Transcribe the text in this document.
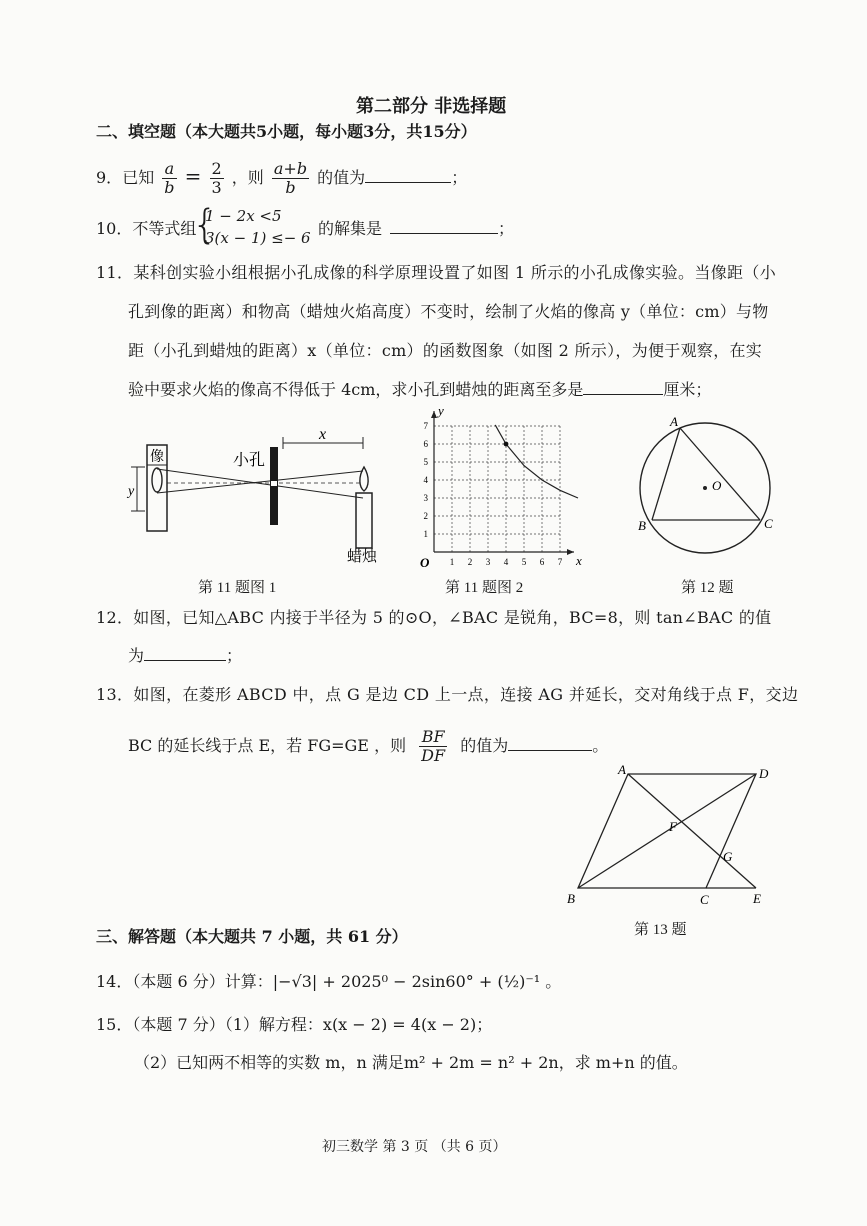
第二部分 非选择题
二、填空题（本大题共5小题，每小题3分，共15分）
9．已知 $\frac{a}{b} = \frac{2}{3}$ ，则 $\frac{a+b}{b}$ 的值为	；
10．不等式组
{
1 − 2x <5
3(x − 1) ≤− 6 的解集是	；
11．某科创实验小组根据小孔成像的科学原理设置了如图 1 所示的小孔成像实验。当像距（小
孔到像的距离）和物高（蜡烛火焰高度）不变时，绘制了火焰的像高 y（单位：cm）与物
距（小孔到蜡烛的距离）x（单位：cm）的函数图象（如图 2 所示），为便于观察，在实
验中要求火焰的像高不得低于 4cm，求小孔到蜡烛的距离至多是	厘米；
像
y
小孔
x
蜡烛
第 11 题图 1
1 2 3 4 5 6 7
1
2
3
4
5
6
7
O	x
y
第 11 题图 2
A
B	C
O
第 12 题
12．如图，已知△ABC 内接于半径为 5 的⊙O，∠BAC 是锐角，BC=8，则 tan∠BAC 的值
为	；
13．如图，在菱形 ABCD 中，点 G 是边 CD 上一点，连接 AG 并延长，交对角线于点 F，交边
BC 的延长线于点 E，若 FG=GE ，则 $\frac{BF}{DF}$ 的值为	。
A	D
F
G
B	C	E
第 13 题
三、解答题（本大题共 7 小题，共 61 分）
14．（本题 6 分）计算：|−√3| + 2025⁰ − 2sin60° + (½)⁻¹ 。
15．（本题 7 分）（1）解方程：x(x − 2) = 4(x − 2)；
（2）已知两不相等的实数 m，n 满足m² + 2m = n² + 2n，求 m+n 的值。
初三数学 第 3 页 （共 6 页）
